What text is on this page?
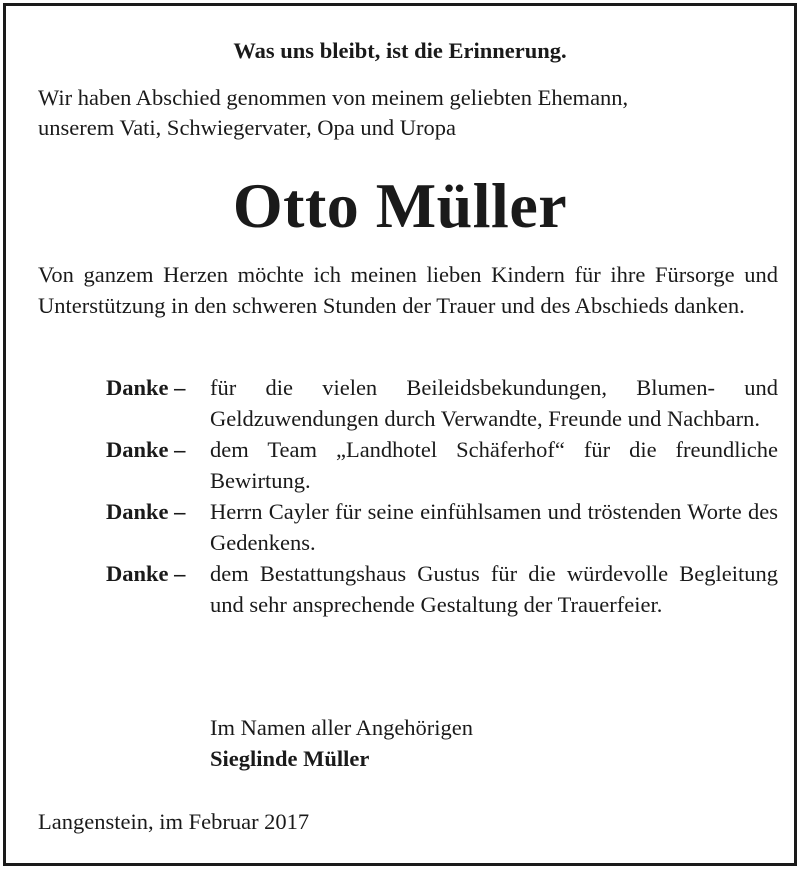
Was uns bleibt, ist die Erinnerung.
Wir haben Abschied genommen von meinem geliebten Ehemann,
unserem Vati, Schwiegervater, Opa und Uropa
Otto Müller
Von ganzem Herzen möchte ich meinen lieben Kindern für ihre Fürsorge und Unterstützung in den schweren Stunden der Trauer und des Abschieds danken.
Danke – für die vielen Beileidsbekundungen, Blumen- und Geldzuwendungen durch Verwandte, Freunde und Nachbarn.
Danke – dem Team „Landhotel Schäferhof“ für die freundliche Bewirtung.
Danke – Herrn Cayler für seine einfühlsamen und tröstenden Worte des Gedenkens.
Danke – dem Bestattungshaus Gustus für die würdevolle Begleitung und sehr ansprechende Gestaltung der Trauerfeier.
Im Namen aller Angehörigen
Sieglinde Müller
Langenstein, im Februar 2017
